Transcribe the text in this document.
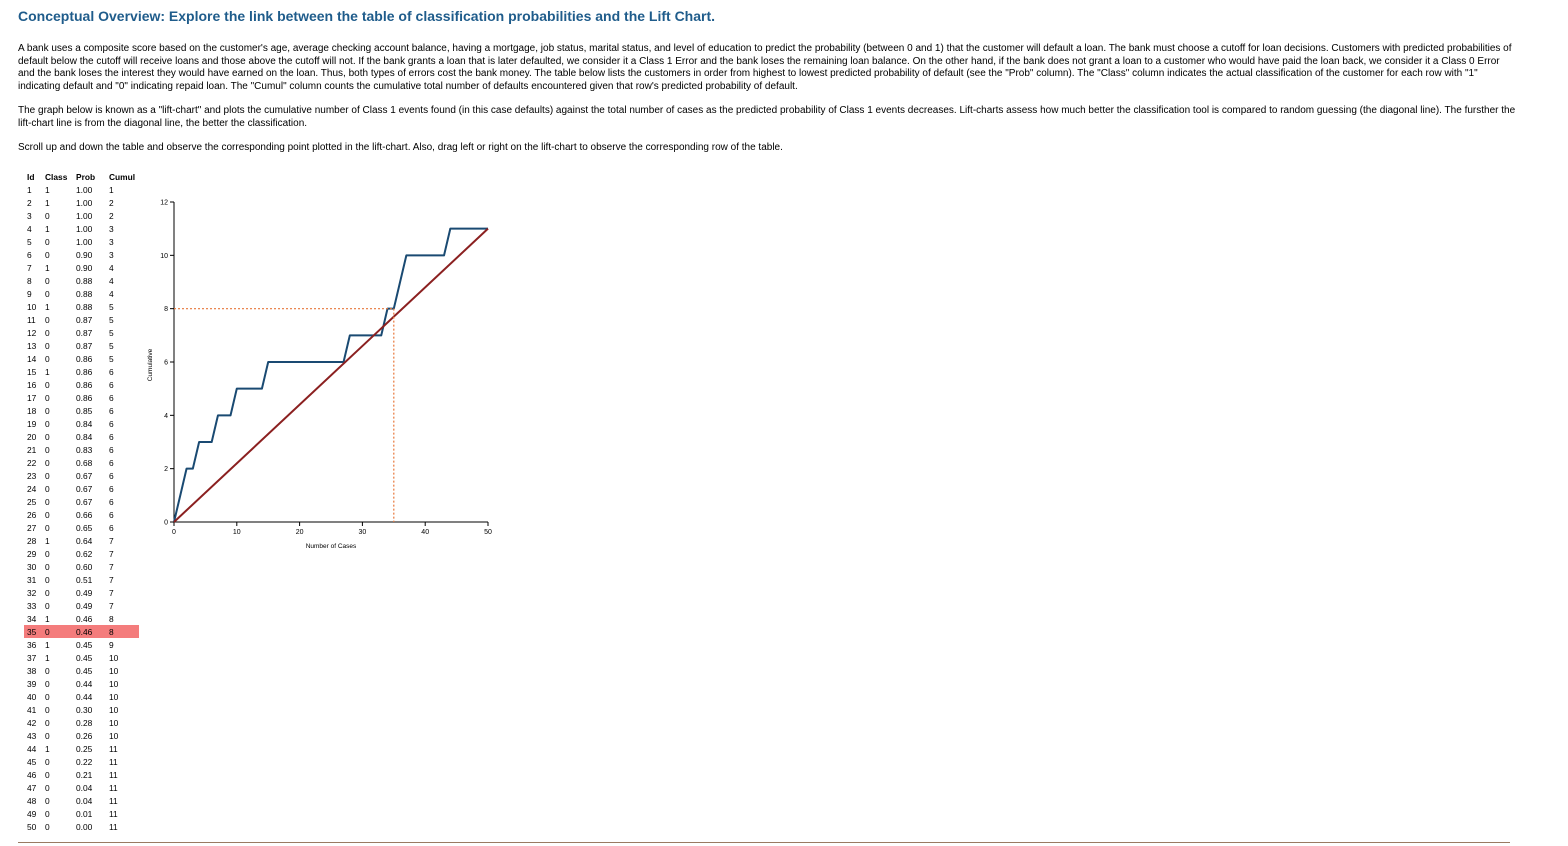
Conceptual Overview: Explore the link between the table of classification probabilities and the Lift Chart.

A bank uses a composite score based on the customer's age, average checking account balance, having a mortgage, job status, marital status, and level of education to predict the probability (between 0 and 1) that the customer will default a loan. The bank must choose a cutoff for loan decisions. Customers with predicted probabilities of default below the cutoff will receive loans and those above the cutoff will not. If the bank grants a loan that is later defaulted, we consider it a Class 1 Error and the bank loses the remaining loan balance. On the other hand, if the bank does not grant a loan to a customer who would have paid the loan back, we consider it a Class 0 Error and the bank loses the interest they would have earned on the loan. Thus, both types of errors cost the bank money. The table below lists the customers in order from highest to lowest predicted probability of default (see the "Prob" column). The "Class" column indicates the actual classification of the customer for each row with "1" indicating default and "0" indicating repaid loan. The "Cumul" column counts the cumulative total number of defaults encountered given that row's predicted probability of default.

The graph below is known as a "lift-chart" and plots the cumulative number of Class 1 events found (in this case defaults) against the total number of cases as the predicted probability of Class 1 events decreases. Lift-charts assess how much better the classification tool is compared to random guessing (the diagonal line). The fursther the lift-chart line is from the diagonal line, the better the classification.

Scroll up and down the table and observe the corresponding point plotted in the lift-chart. Also, drag left or right on the lift-chart to observe the corresponding row of the table.

Id	Class	Prob	Cumul
1	1	1.00	1
2	1	1.00	2
3	0	1.00	2
4	1	1.00	3
5	0	1.00	3
6	0	0.90	3
7	1	0.90	4
8	0	0.88	4
9	0	0.88	4
10	1	0.88	5
11	0	0.87	5
12	0	0.87	5
13	0	0.87	5
14	0	0.86	5
15	1	0.86	6
16	0	0.86	6
17	0	0.86	6
18	0	0.85	6
19	0	0.84	6
20	0	0.84	6
21	0	0.83	6
22	0	0.68	6
23	0	0.67	6
24	0	0.67	6
25	0	0.67	6
26	0	0.66	6
27	0	0.65	6
28	1	0.64	7
29	0	0.62	7
30	0	0.60	7
31	0	0.51	7
32	0	0.49	7
33	0	0.49	7
34	1	0.46	8
35	0	0.46	8
36	1	0.45	9
37	1	0.45	10
38	0	0.45	10
39	0	0.44	10
40	0	0.44	10
41	0	0.30	10
42	0	0.28	10
43	0	0.26	10
44	1	0.25	11
45	0	0.22	11
46	0	0.21	11
47	0	0.04	11
48	0	0.04	11
49	0	0.01	11
50	0	0.00	11
0
2
4
6
8
10
12
0	10	20	30	40	50
Cumulative
Number of Cases
